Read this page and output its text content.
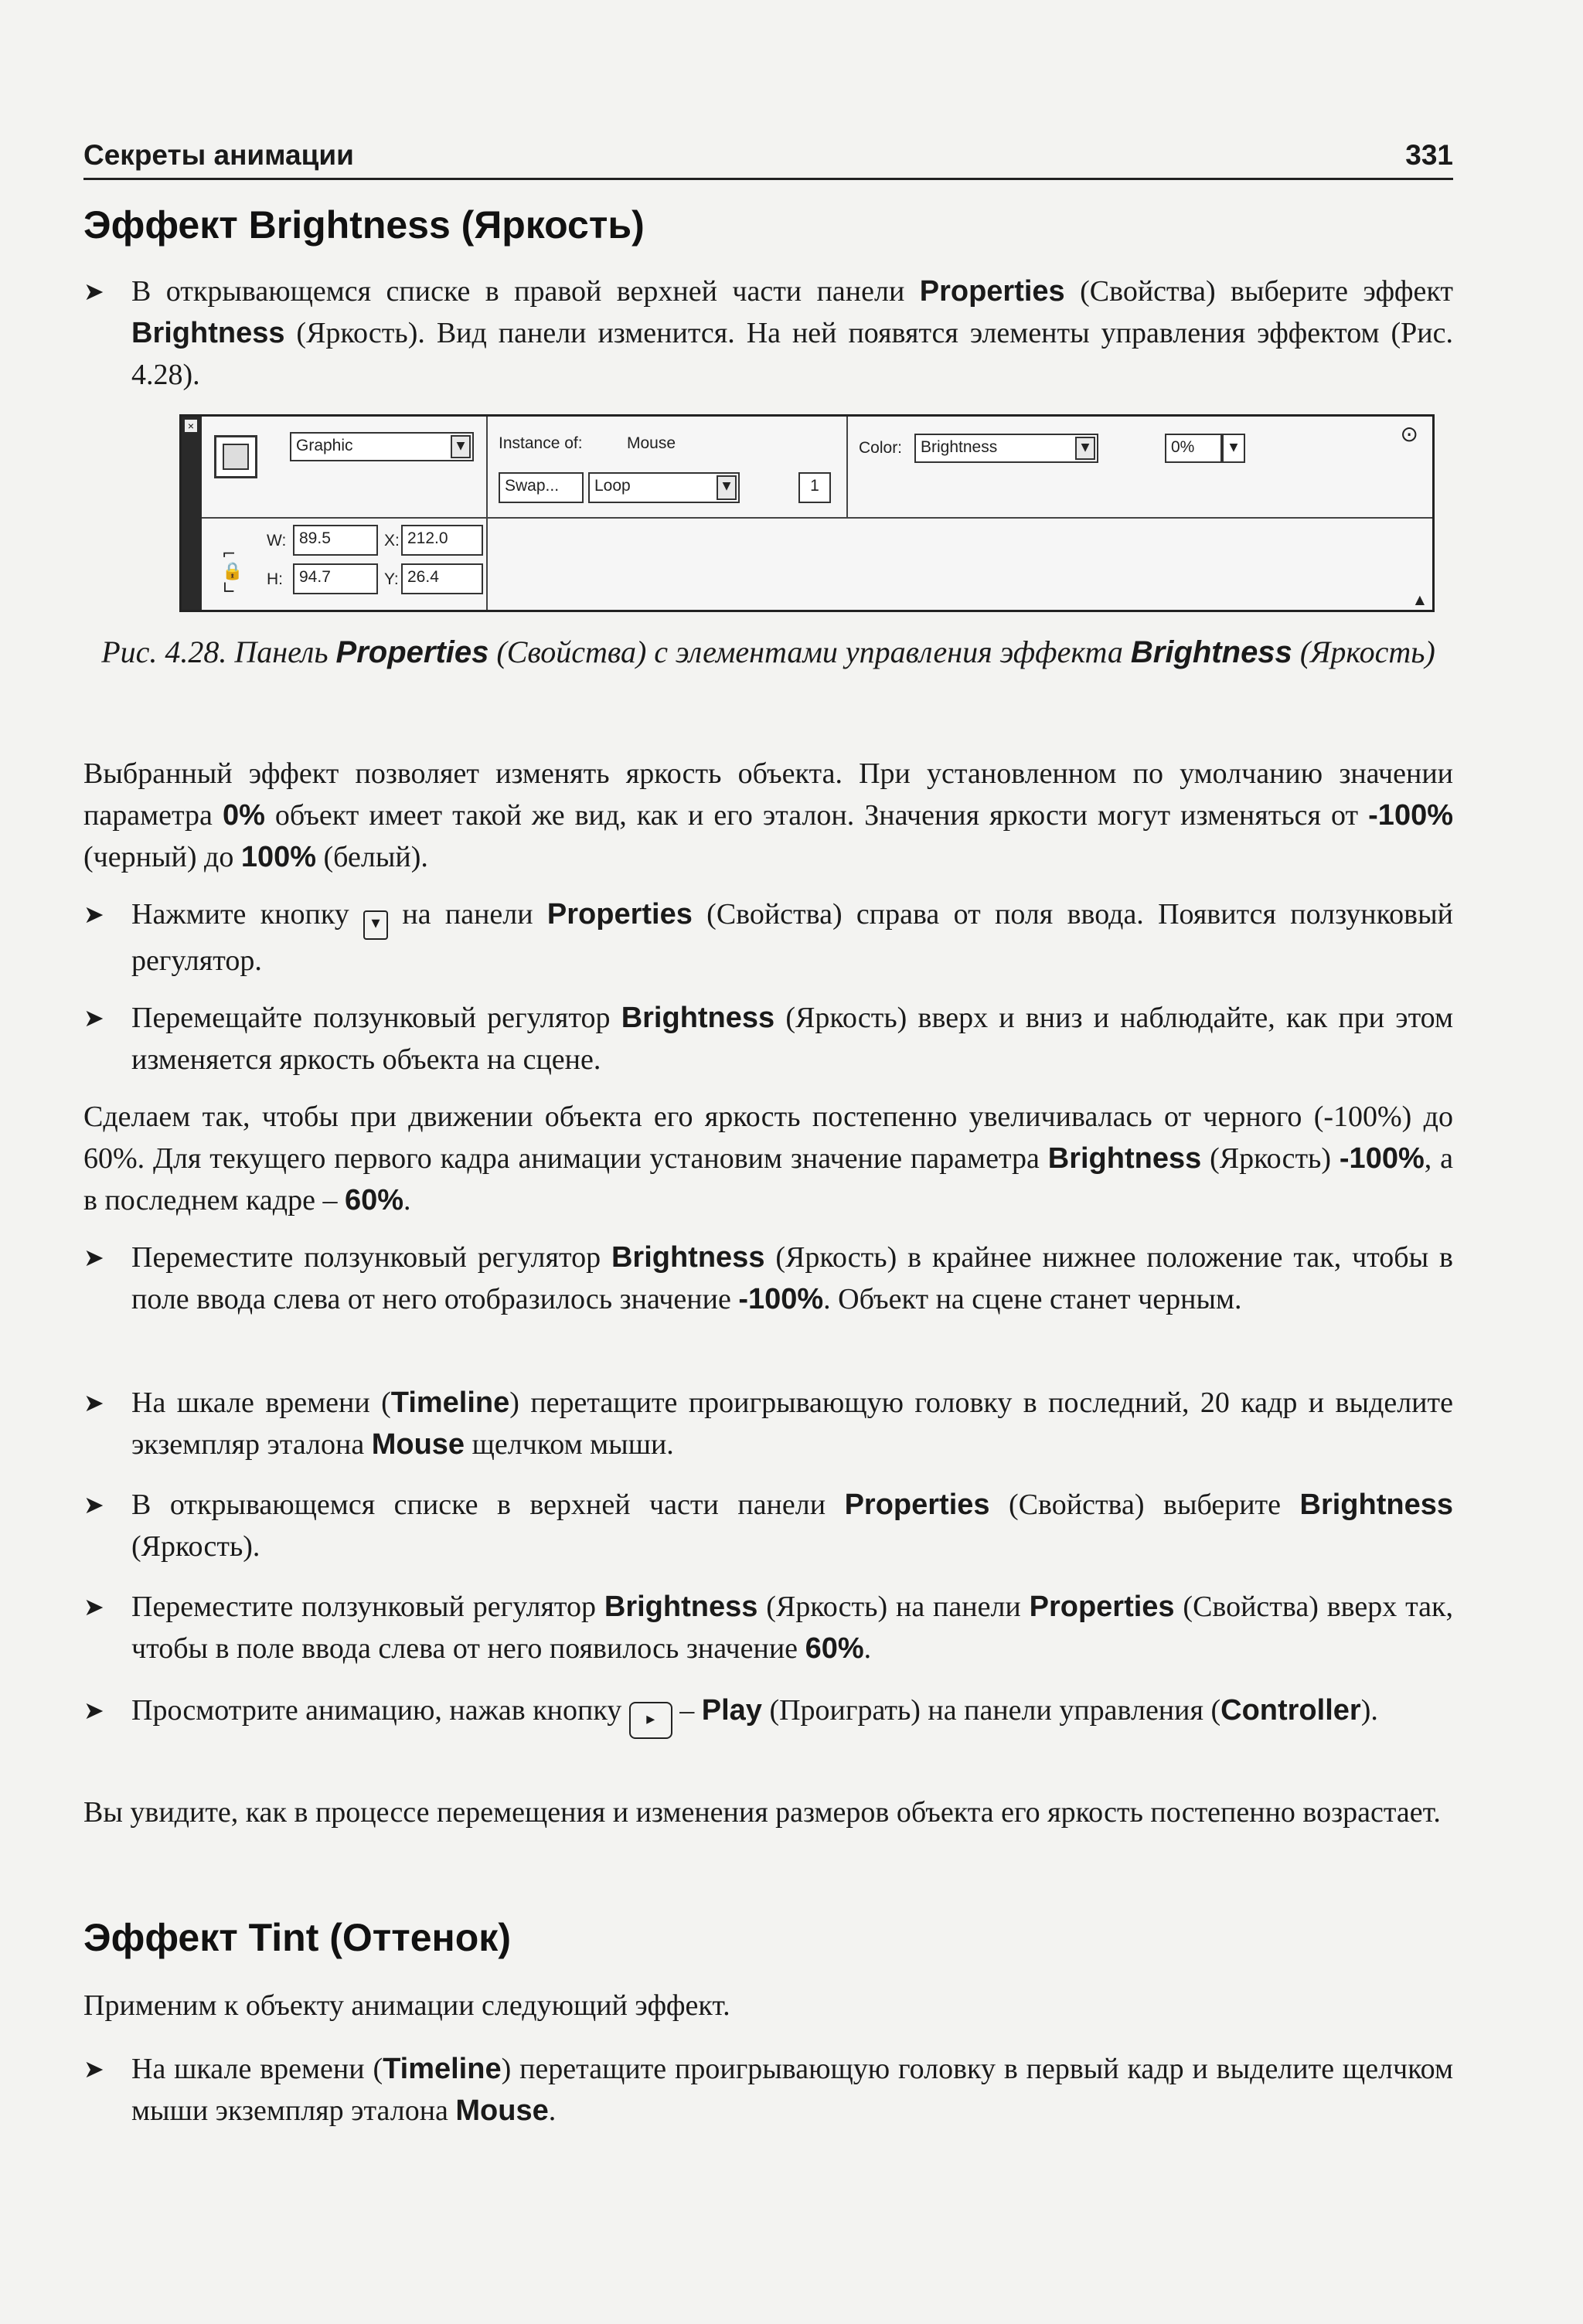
Секреты анимации	331
Эффект Brightness (Яркость)
➤ В открывающемся списке в правой верхней части панели Properties (Свойства) выберите эффект Brightness (Яркость). Вид панели изменится. На ней появятся элементы управления эффектом (Рис. 4.28).
×
Graphic	▼	Instance of:	Mouse
Swap...	Loop	▼	1
Color:	Brightness	▼	0%	▼
⊙
⌐
🔒
∟
W: 89.5	X: 212.0
H:	94.7	Y: 26.4
▲
Рис. 4.28. Панель Properties (Свойства) с элементами управления эффекта Brightness (Яркость)
Выбранный эффект позволяет изменять яркость объекта. При установленном по умолчанию значении параметра 0% объект имеет такой же вид, как и его эталон. Значения яркости могут изменяться от -100% (черный) до 100% (белый).
➤ Нажмите кнопку ▾ на панели Properties (Свойства) справа от поля ввода. Появится ползунковый регулятор.
➤ Перемещайте ползунковый регулятор Brightness (Яркость) вверх и вниз и наблюдайте, как при этом изменяется яркость объекта на сцене.
Сделаем так, чтобы при движении объекта его яркость постепенно увеличивалась от черного (-100%) до 60%. Для текущего первого кадра анимации установим значение параметра Brightness (Яркость) -100%, а в последнем кадре – 60%.
➤ Переместите ползунковый регулятор Brightness (Яркость) в крайнее нижнее положение так, чтобы в поле ввода слева от него отобразилось значение -100%. Объект на сцене станет черным.
➤ На шкале времени (Timeline) перетащите проигрывающую головку в последний, 20 кадр и выделите экземпляр эталона Mouse щелчком мыши.
➤ В открывающемся списке в верхней части панели Properties (Свойства) выберите Brightness (Яркость).
➤ Переместите ползунковый регулятор Brightness (Яркость) на панели Properties (Свойства) вверх так, чтобы в поле ввода слева от него появилось значение 60%.
➤ Просмотрите анимацию, нажав кнопку ▸ – Play (Проиграть) на панели управления (Controller).
Вы увидите, как в процессе перемещения и изменения размеров объекта его яркость постепенно возрастает.
Эффект Tint (Оттенок)
Применим к объекту анимации следующий эффект.
➤ На шкале времени (Timeline) перетащите проигрывающую головку в первый кадр и выделите щелчком мыши экземпляр эталона Mouse.
